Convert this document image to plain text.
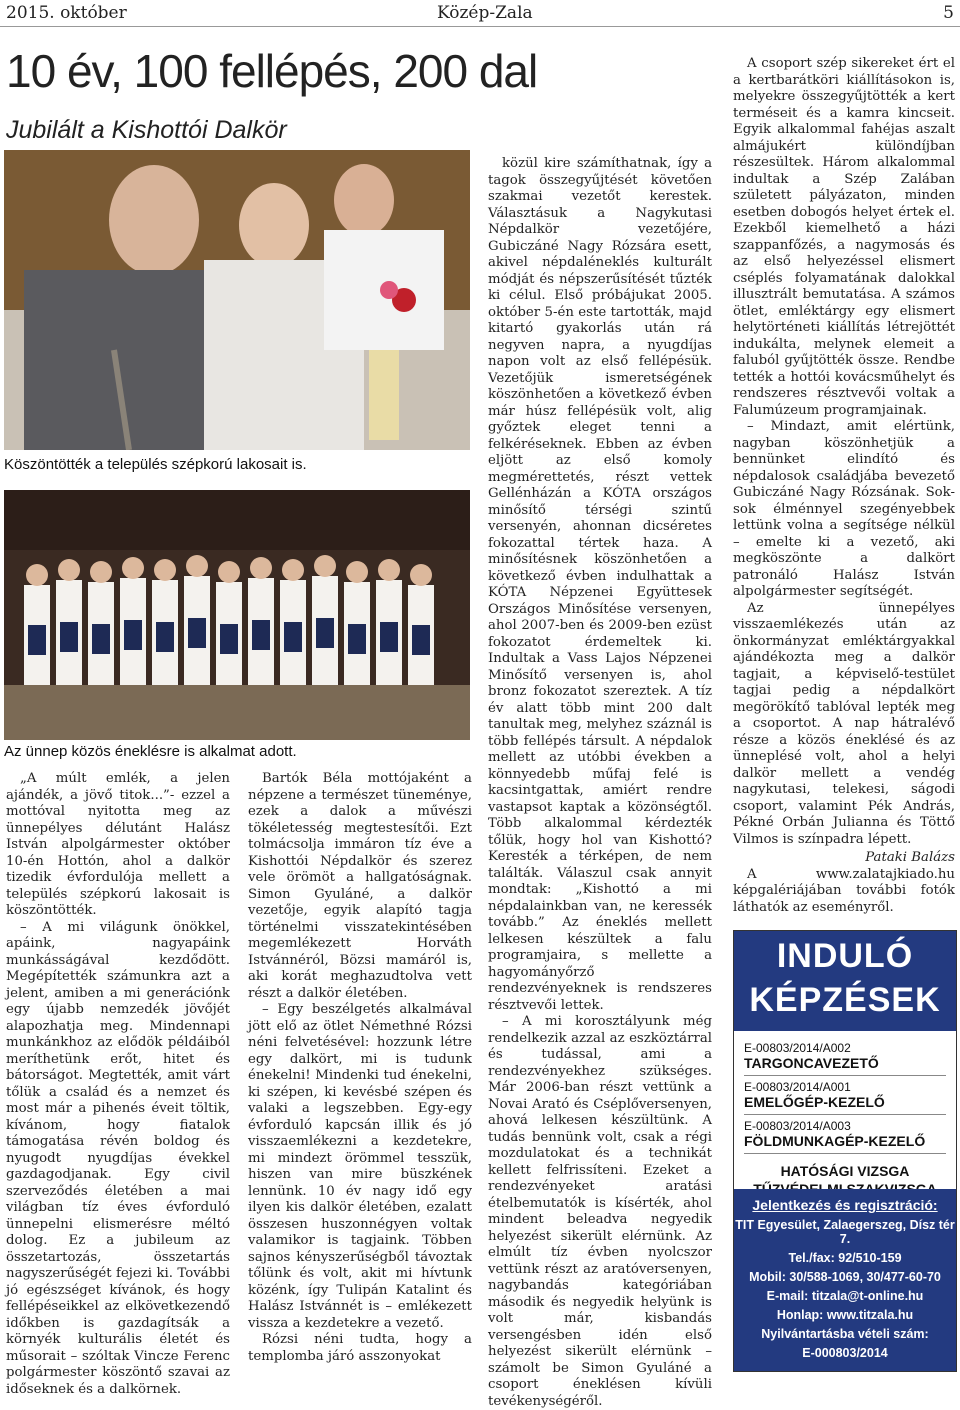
2015. október	Közép-Zala	5
10 év, 100 fellépés, 200 dal
Jubilált a Kishottói Dalkör
Köszöntötték a település szépkorú lakosait is.
Az ünnep közös éneklésre is alkalmat adott.

„A múlt emlék, a jelen ajándék, a jövő titok...”- ezzel a mottóval nyitotta meg az ünnepélyes délutánt Halász István alpolgármester október 10-én Hottón, ahol a dalkör tizedik évfordulója mellett a település szépkorú lakosait is köszöntötték.

– A mi világunk önökkel, apáink, nagyapáink munkásságával kezdődött. Megépítették számunkra azt a jelent, amiben a mi generációnk egy újabb nemzedék jövőjét alapozhatja meg. Mindennapi munkánkhoz az elődök példáiból meríthetünk erőt, hitet és bátorságot. Megtették, amit várt tőlük a család és a nemzet és most már a pihenés éveit töltik, kívánom, hogy fiatalok támogatása révén boldog és nyugodt nyugdíjas évekkel gazdagodjanak. Egy civil szerveződés életében a mai világban tíz éves évforduló ünnepelni elismerésre méltó dolog. Ez a jubileum az összetartozás, összetartás nagyszerűségét fejezi ki. További jó egészséget kívánok, és hogy fellépéseikkel az elkövetkezendő időkben is gazdagítsák a környék kulturális életét és műsorait – szóltak Vincze Ferenc polgármester köszöntő szavai az időseknek és a dalkörnek.

Bartók Béla mottójaként a népzene a természet tüneménye, ezek a dalok a művészi tökéletesség megtestesítői. Ezt tolmácsolja immáron tíz éve a Kishottói Népdalkör és szerez vele örömöt a hallgatóságnak. Simon Gyuláné, a dalkör vezetője, egyik alapító tagja történelmi visszatekintésében megemlékezett Horváth Istvánnéról, Bözsi mamáról is, aki korát meghazudtolva vett részt a dalkör életében.

– Egy beszélgetés alkalmával jött elő az ötlet Némethné Rózsi néni felvetésével: hozzunk létre egy dalkört, mi is tudunk énekelni! Mindenki tud énekelni, ki szépen, ki kevésbé szépen és valaki a legszebben. Egy-egy évforduló kapcsán illik és jó visszaemlékezni a kezdetekre, mi mindezt örömmel tesszük, hiszen van mire büszkének lennünk. 10 év nagy idő egy ilyen kis dalkör életében, ezalatt összesen huszonnégyen voltak valamikor is tagjaink. Többen sajnos kényszerűségből távoztak tőlünk és volt, akit mi hívtunk közénk, így Tulipán Katalint és Halász Istvánnét is – emlékezett vissza a kezdetekre a vezető.

Rózsi néni tudta, hogy a templomba járó asszonyokat

közül kire számíthatnak, így a tagok összegyűjtését követően szakmai vezetőt kerestek. Választásuk a Nagykutasi Népdalkör vezetőjére, Gubiczáné Nagy Rózsára esett, akivel népdaléneklés kulturált módját és népszerűsítését tűzték ki célul. Első próbájukat 2005. október 5-én este tartották, majd kitartó gyakorlás után rá negyven napra, a nyugdíjas napon volt az első fellépésük. Vezetőjük ismeretségének köszönhetően a következő évben már húsz fellépésük volt, alig győztek eleget tenni a felkéréseknek. Ebben az évben eljött az első komoly megmérettetés, részt vettek Gellénházán a KÓTA országos minősítő térségi szintű versenyén, ahonnan dicséretes fokozattal tértek haza. A minősítésnek köszönhetően a következő évben indulhattak a KÓTA Népzenei Együttesek Országos Minősítése versenyen, ahol 2007-ben és 2009-ben ezüst fokozatot érdemeltek ki. Indultak a Vass Lajos Népzenei Minősítő versenyen is, ahol bronz fokozatot szereztek. A tíz év alatt több mint 200 dalt tanultak meg, melyhez száznál is több fellépés társult. A népdalok mellett az utóbbi években a könnyedebb műfaj felé is kacsintgattak, amiért rendre vastapsot kaptak a közönségtől. Több alkalommal kérdezték tőlük, hogy hol van Kishottó? Keresték a térképen, de nem találták. Válaszul csak annyit mondtak: „Kishottó a mi népdalainkban van, ne keressék tovább.” Az éneklés mellett lelkesen készültek a falu programjaira, s mellette a hagyományőrző rendezvényeknek is rendszeres résztvevői lettek.

– A mi korosztályunk még rendelkezik azzal az eszköztárral és tudással, ami a rendezvényekhez szükséges. Már 2006-ban részt vettünk a Novai Arató és Cséplőversenyen, ahová lelkesen készültünk. A tudás bennünk volt, csak a régi mozdulatokat és a technikát kellett felfrissíteni. Ezeket a rendezvényeket aratási ételbemutatók is kísérték, ahol mindent beleadva negyedik helyezést sikerült elérnünk. Az elmúlt tíz évben nyolcszor vettünk részt az aratóversenyen, nagybandás kategóriában második és negyedik helyünk is volt már, kisbandás versengésben idén első helyezést sikerült elérnünk – számolt be Simon Gyuláné a csoport éneklésen kívüli tevékenységéről.

A csoport szép sikereket ért el a kertbarátköri kiállításokon is, melyekre összegyűjtötték a kert terméseit és a kamra kincseit. Egyik alkalommal fahéjas aszalt almájukért különdíjban részesültek. Három alkalommal indultak a Szép Zalában született pályázaton, minden esetben dobogós helyet értek el. Ezekből kiemelhető a házi szappanfőzés, a nagymosás és az első helyezéssel elismert cséplés folyamatának dalokkal illusztrált bemutatása. A számos ötlet, emléktárgy egy elismert helytörténeti kiállítás létrejöttét indukálta, melynek elemeit a faluból gyűjtötték össze. Rendbe tették a hottói kovácsműhelyt és rendszeres résztvevői voltak a Falumúzeum programjainak.

– Mindazt, amit elértünk, nagyban köszönhetjük a bennünket elindító és népdalosok családjába bevezető Gubiczáné Nagy Rózsának. Sok-sok élménnyel szegényebbek lettünk volna a segítsége nélkül – emelte ki a vezető, aki megköszönte a dalkört patronáló Halász István alpolgármester segítségét.

Az ünnepélyes visszaemlékezés után az önkormányzat emléktárgyakkal ajándékozta meg a dalkör tagjait, a képviselő-testület tagjai pedig a népdalkört megörökítő tablóval lepték meg a csoportot. A nap hátralévő része a közös éneklésé és az ünneplésé volt, ahol a helyi dalkör mellett a vendég nagykutasi, telekesi, ságodi csoport, valamint Pék András, Pékné Orbán Julianna és Töttő Vilmos is színpadra lépett.

Pataki Balázs

A www.zalatajkiado.hu képgalériájában további fotók láthatók az eseményről.

INDULÓ
KÉPZÉSEK
E-00803/2014/A002
TARGONCAVEZETŐ
E-00803/2014/A001
EMELŐGÉP-KEZELŐ
E-00803/2014/A003
FÖLDMUNKAGÉP-KEZELŐ
HATÓSÁGI VIZSGA
Jelentkezés és regisztráció:
TIT Egyesület, Zalaegerszeg, Dísz tér 7.
Tel./fax: 92/510-159
Mobil: 30/588-1069, 30/477-60-70
E-mail: titzala@t-online.hu
Honlap: www.titzala.hu
Nyilvántartásba vételi szám:
E-000803/2014
